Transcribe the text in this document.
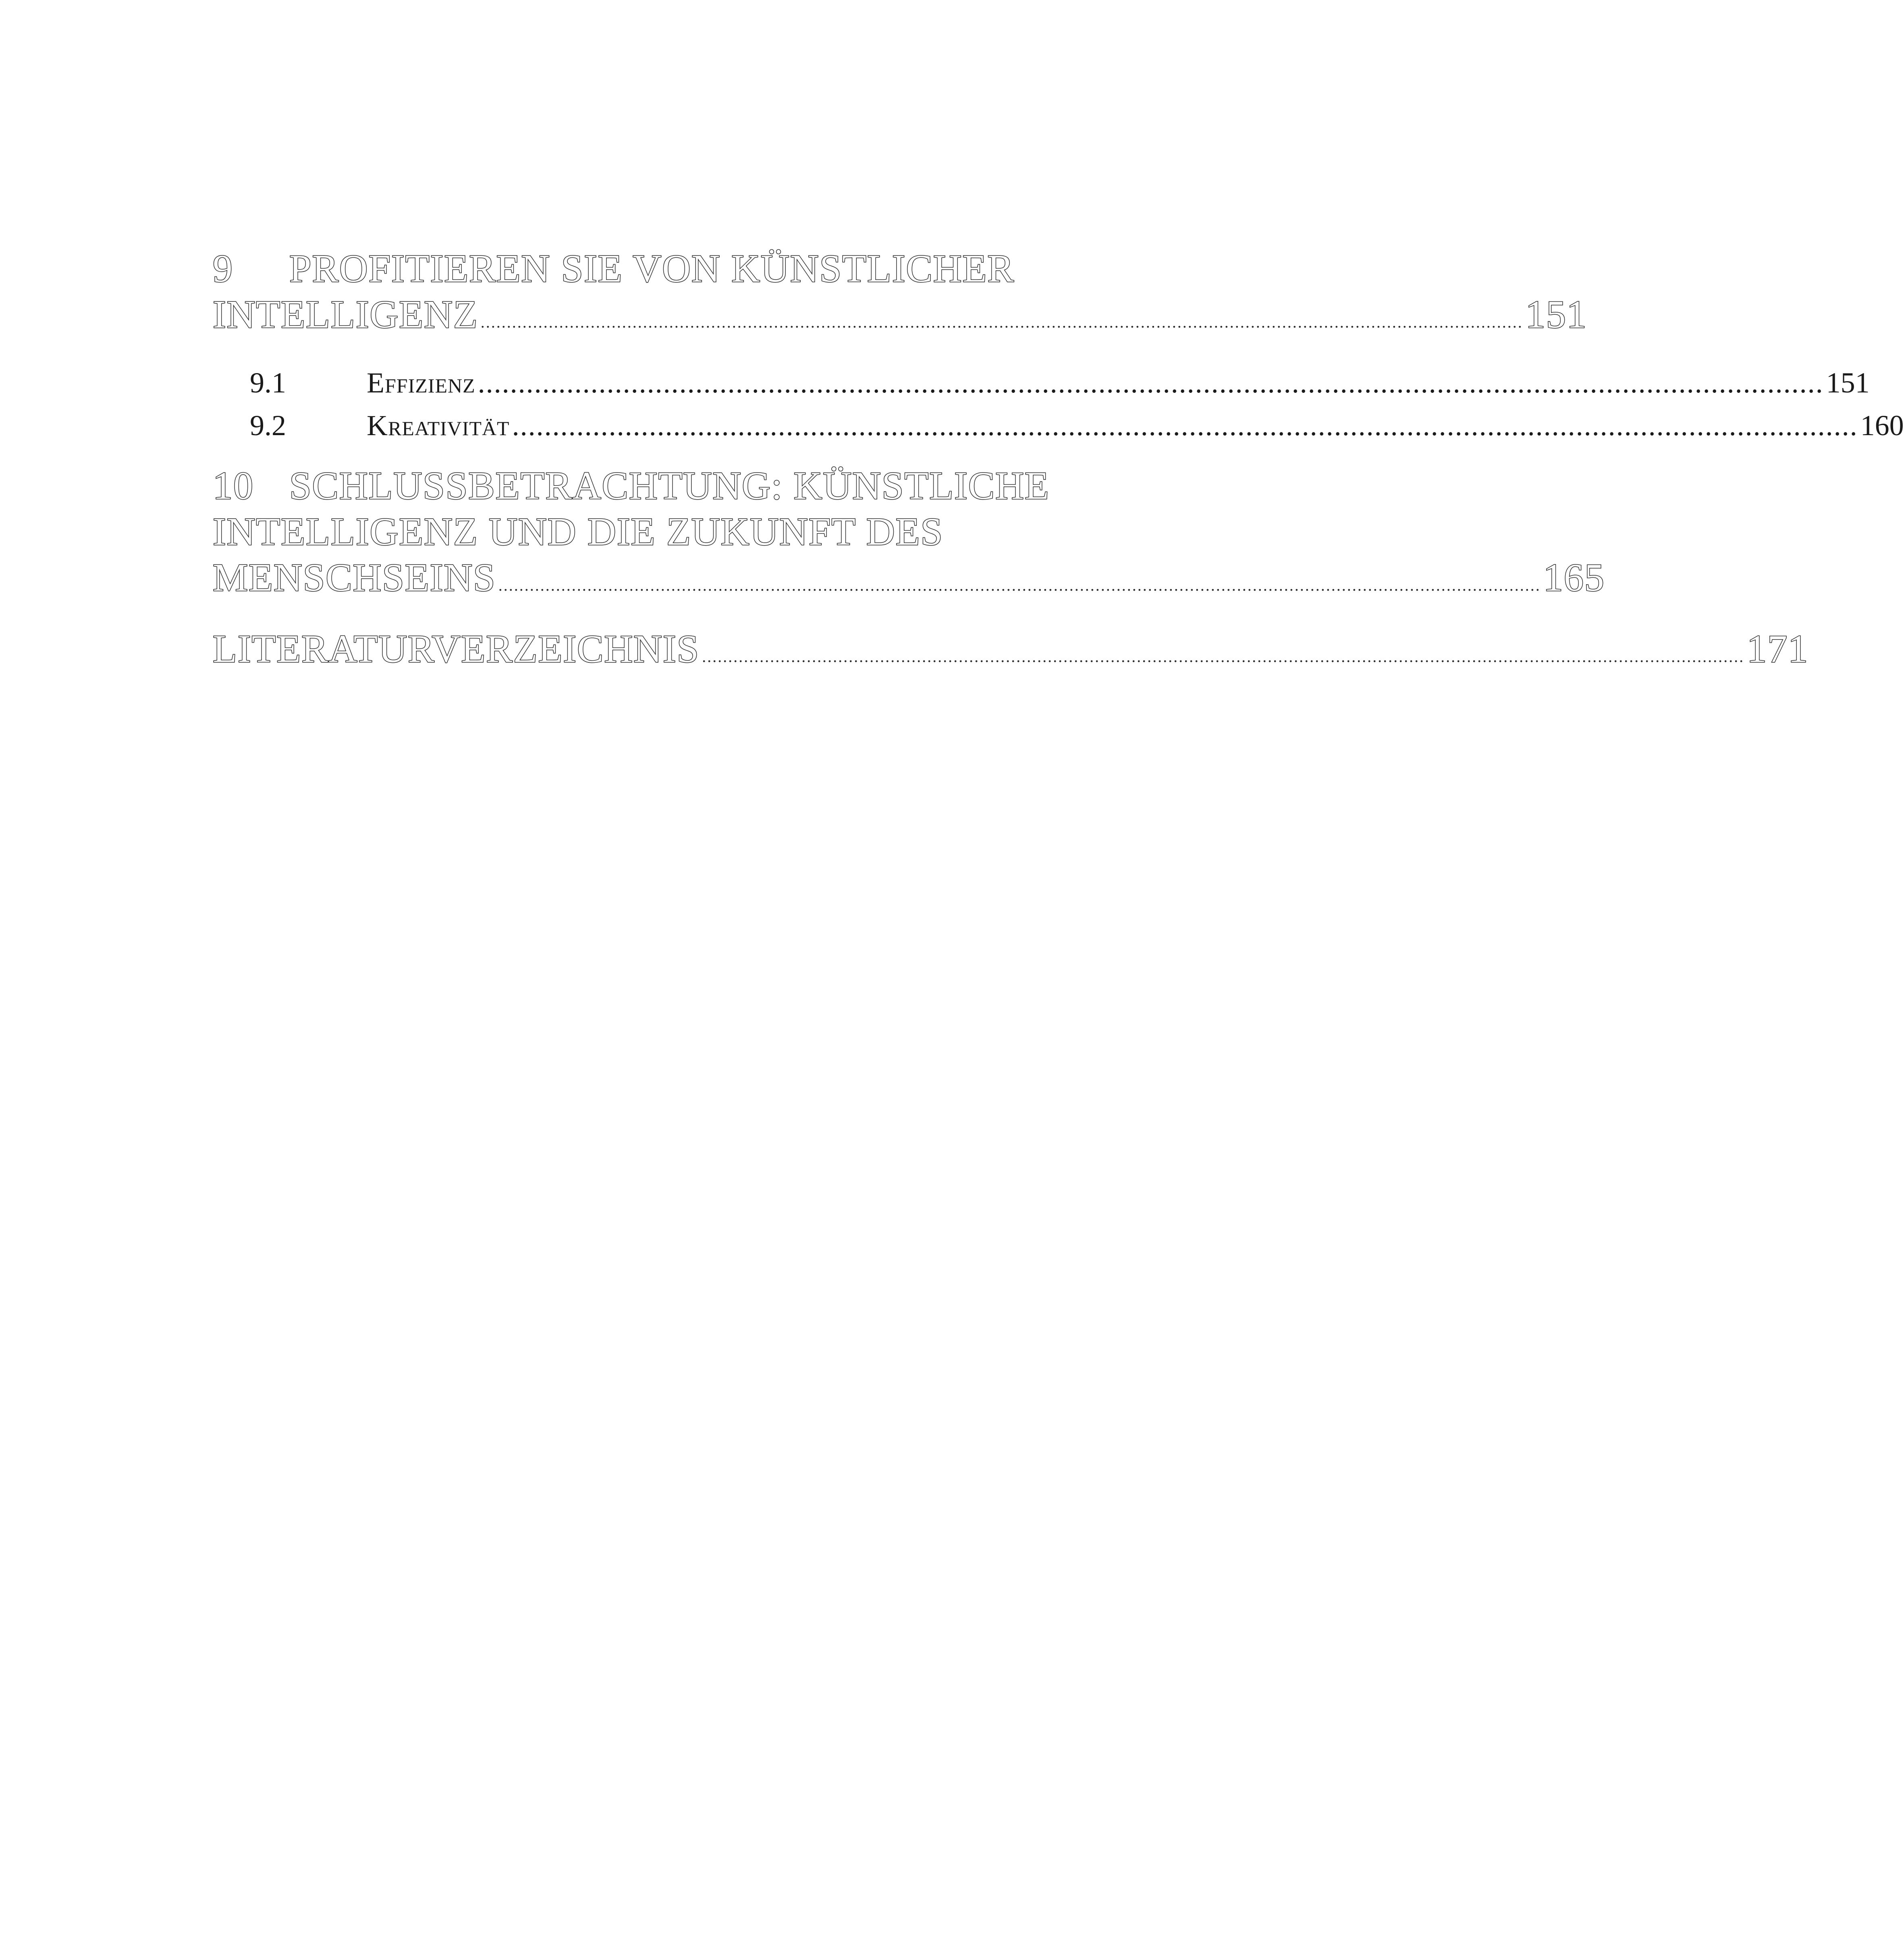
9 PROFITIEREN SIE VON KÜNSTLICHER
INTELLIGENZ ....................................................................................................................................................................................................... 151
9.1	Effizienz ....................................................................................................................................................................... 151
9.2	Kreativität ....................................................................................................................................................................... 160
10 SCHLUSSBETRACHTUNG: KÜNSTLICHE
INTELLIGENZ UND DIE ZUKUNFT DES
MENSCHSEINS ....................................................................................................................................................................................................... 165
LITERATURVERZEICHNIS ....................................................................................................................................................................................................... 171
